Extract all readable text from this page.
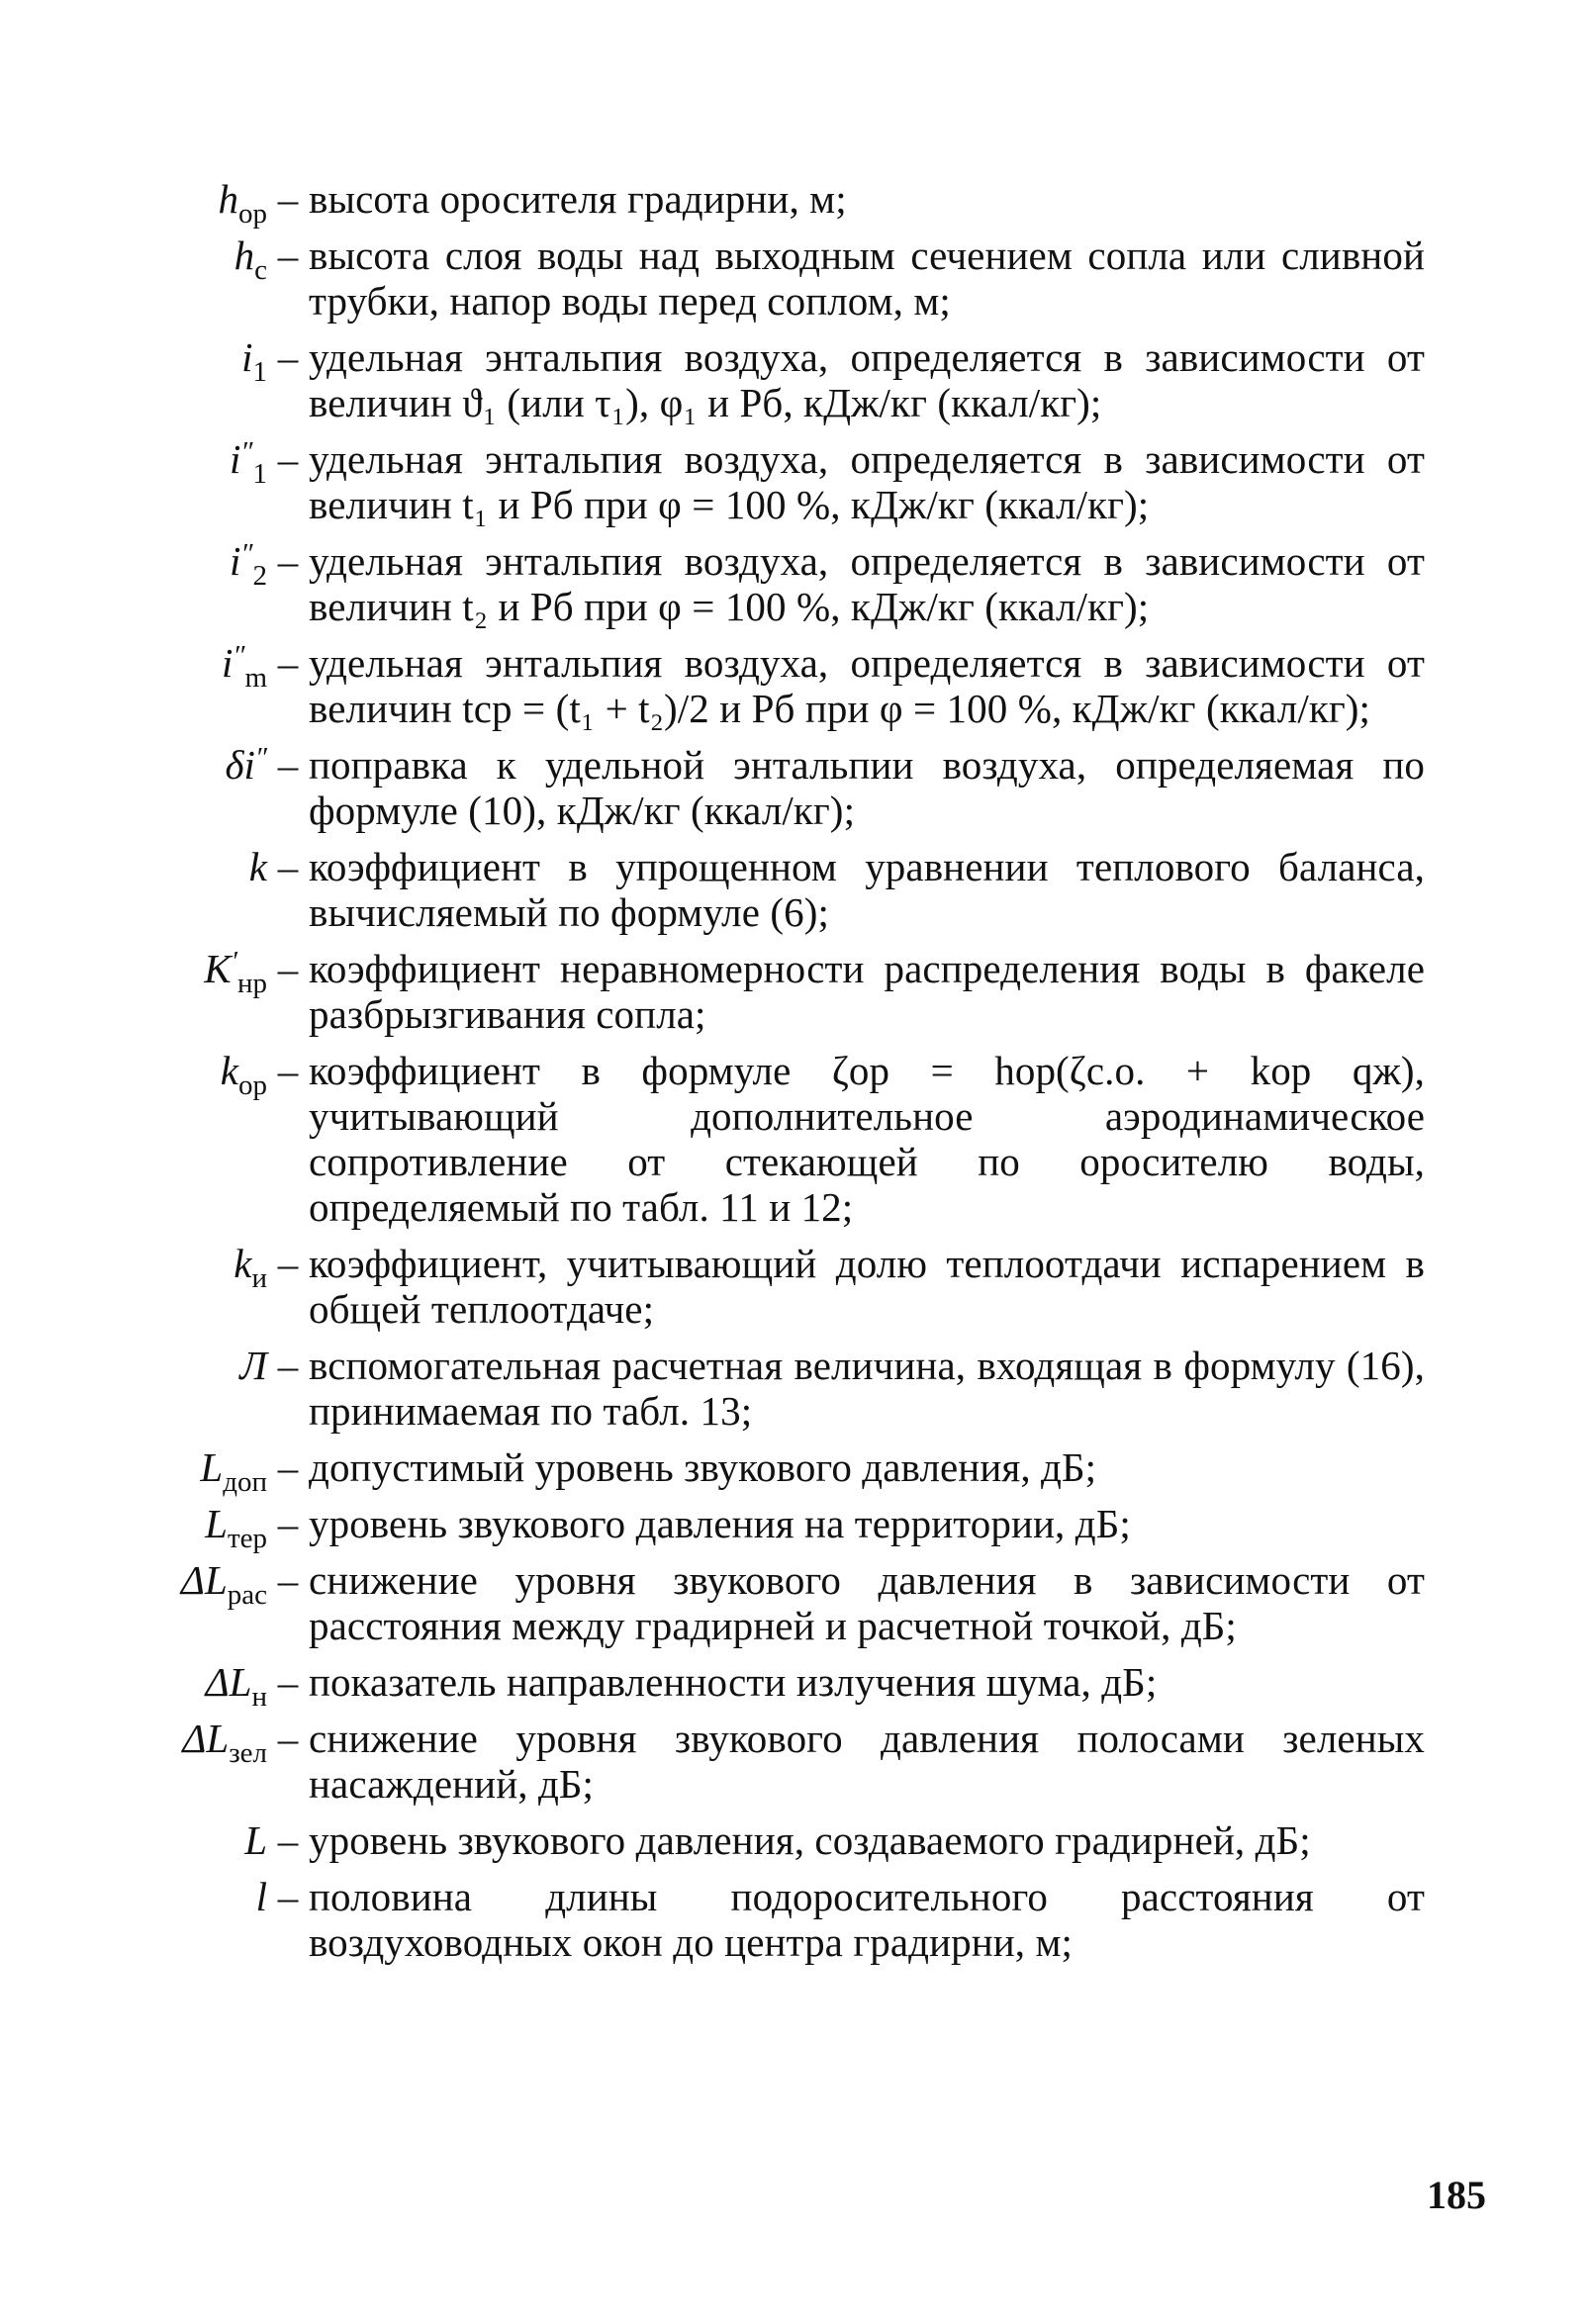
$h_{ор}$ – высота оросителя градирни, м;
$h_с$ – высота слоя воды над выходным сечением сопла или сливной трубки, напор воды перед соплом, м;
$i_1$ – удельная энтальпия воздуха, определяется в зависимости от величин ϑ₁ (или τ₁), φ₁ и Pб, кДж/кг (ккал/кг);
$i''_1$ – удельная энтальпия воздуха, определяется в зависимости от величин t₁ и Pб при φ = 100 %, кДж/кг (ккал/кг);
$i''_2$ – удельная энтальпия воздуха, определяется в зависимости от величин t₂ и Pб при φ = 100 %, кДж/кг (ккал/кг);
$i''_m$ – удельная энтальпия воздуха, определяется в зависимости от величин tср = (t₁ + t₂)/2 и Pб при φ = 100 %, кДж/кг (ккал/кг);
δi″ – поправка к удельной энтальпии воздуха, определяемая по формуле (10), кДж/кг (ккал/кг);
k – коэффициент в упрощенном уравнении теплового баланса, вычисляемый по формуле (6);
$K'_{нр}$ – коэффициент неравномерности распределения воды в факеле разбрызгивания сопла;
$k_{ор}$ – коэффициент в формуле ζор = hор(ζс.о. + kор qж), учитывающий дополнительное аэродинамическое сопротивление от стекающей по оросителю воды, определяемый по табл. 11 и 12;
$k_и$ – коэффициент, учитывающий долю теплоотдачи испарением в общей теплоотдаче;
Л – вспомогательная расчетная величина, входящая в формулу (16), принимаемая по табл. 13;
$L_{доп}$ – допустимый уровень звукового давления, дБ;
$L_{тер}$ – уровень звукового давления на территории, дБ;
$\Delta L_{рас}$ – снижение уровня звукового давления в зависимости от расстояния между градирней и расчетной точкой, дБ;
$\Delta L_н$ – показатель направленности излучения шума, дБ;
$\Delta L_{зел}$ – снижение уровня звукового давления полосами зеленых насаждений, дБ;
L – уровень звукового давления, создаваемого градирней, дБ;
l – половина длины подоросительного расстояния от воздуховодных окон до центра градирни, м;
185
